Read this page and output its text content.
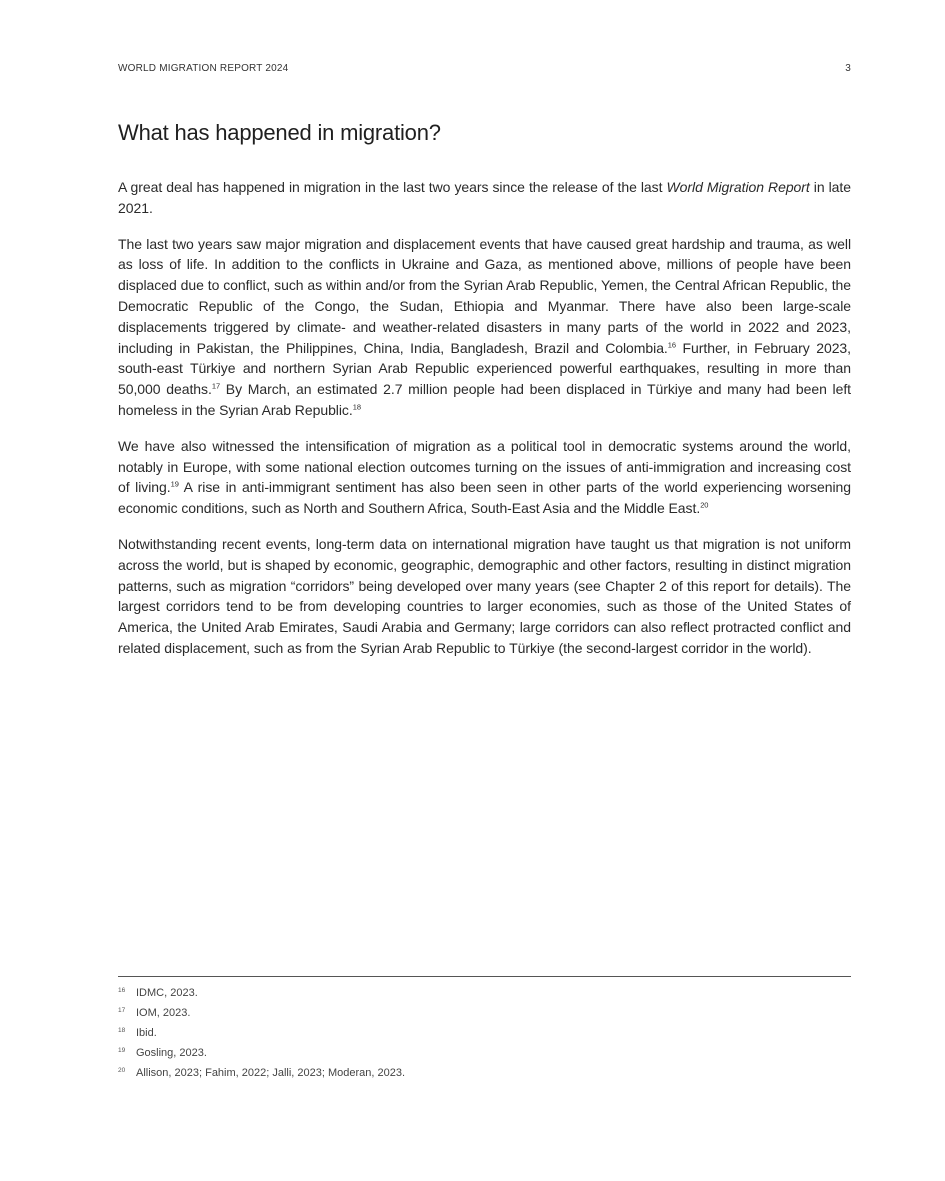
WORLD MIGRATION REPORT 2024	3
What has happened in migration?

A great deal has happened in migration in the last two years since the release of the last World Migration Report in late 2021.

The last two years saw major migration and displacement events that have caused great hardship and trauma, as well as loss of life. In addition to the conflicts in Ukraine and Gaza, as mentioned above, millions of people have been displaced due to conflict, such as within and/or from the Syrian Arab Republic, Yemen, the Central African Republic, the Democratic Republic of the Congo, the Sudan, Ethiopia and Myanmar. There have also been large-scale displacements triggered by climate- and weather-related disasters in many parts of the world in 2022 and 2023, including in Pakistan, the Philippines, China, India, Bangladesh, Brazil and Colombia.$^{16}$ Further, in February 2023, south-east Türkiye and northern Syrian Arab Republic experienced powerful earthquakes, resulting in more than 50,000 deaths.$^{17}$ By March, an estimated 2.7 million people had been displaced in Türkiye and many had been left homeless in the Syrian Arab Republic.$^{18}$

We have also witnessed the intensification of migration as a political tool in democratic systems around the world, notably in Europe, with some national election outcomes turning on the issues of anti-immigration and increasing cost of living.$^{19}$ A rise in anti-immigrant sentiment has also been seen in other parts of the world experiencing worsening economic conditions, such as North and Southern Africa, South-East Asia and the Middle East.$^{20}$

Notwithstanding recent events, long-term data on international migration have taught us that migration is not uniform across the world, but is shaped by economic, geographic, demographic and other factors, resulting in distinct migration patterns, such as migration “corridors” being developed over many years (see Chapter 2 of this report for details). The largest corridors tend to be from developing countries to larger economies, such as those of the United States of America, the United Arab Emirates, Saudi Arabia and Germany; large corridors can also reflect protracted conflict and related displacement, such as from the Syrian Arab Republic to Türkiye (the second-largest corridor in the world).

16 IDMC, 2023.
17 IOM, 2023.
18 Ibid.
19 Gosling, 2023.
20 Allison, 2023; Fahim, 2022; Jalli, 2023; Moderan, 2023.
